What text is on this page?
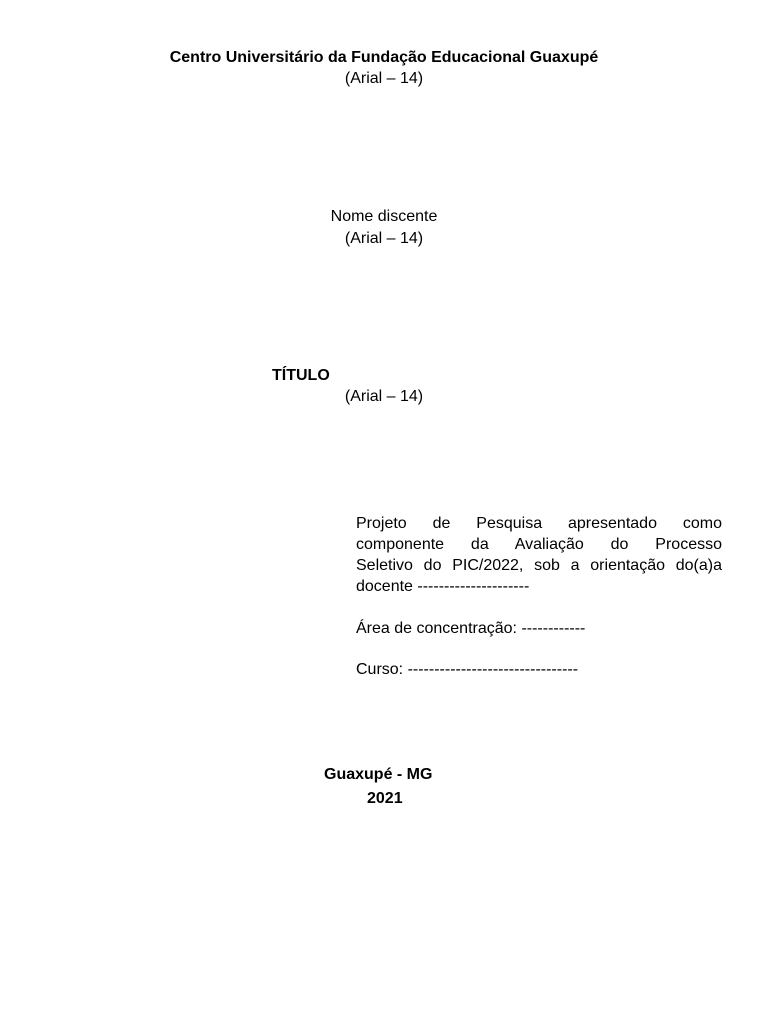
Centro Universitário da Fundação Educacional Guaxupé
(Arial – 14)
Nome discente
(Arial – 14)
TÍTULO
(Arial – 14)
Projeto de Pesquisa apresentado como
componente da Avaliação do Processo
Seletivo do PIC/2022, sob a orientação do(a)a
docente ---------------------
Área de concentração: ------------
Curso: --------------------------------
Guaxupé - MG
2021
